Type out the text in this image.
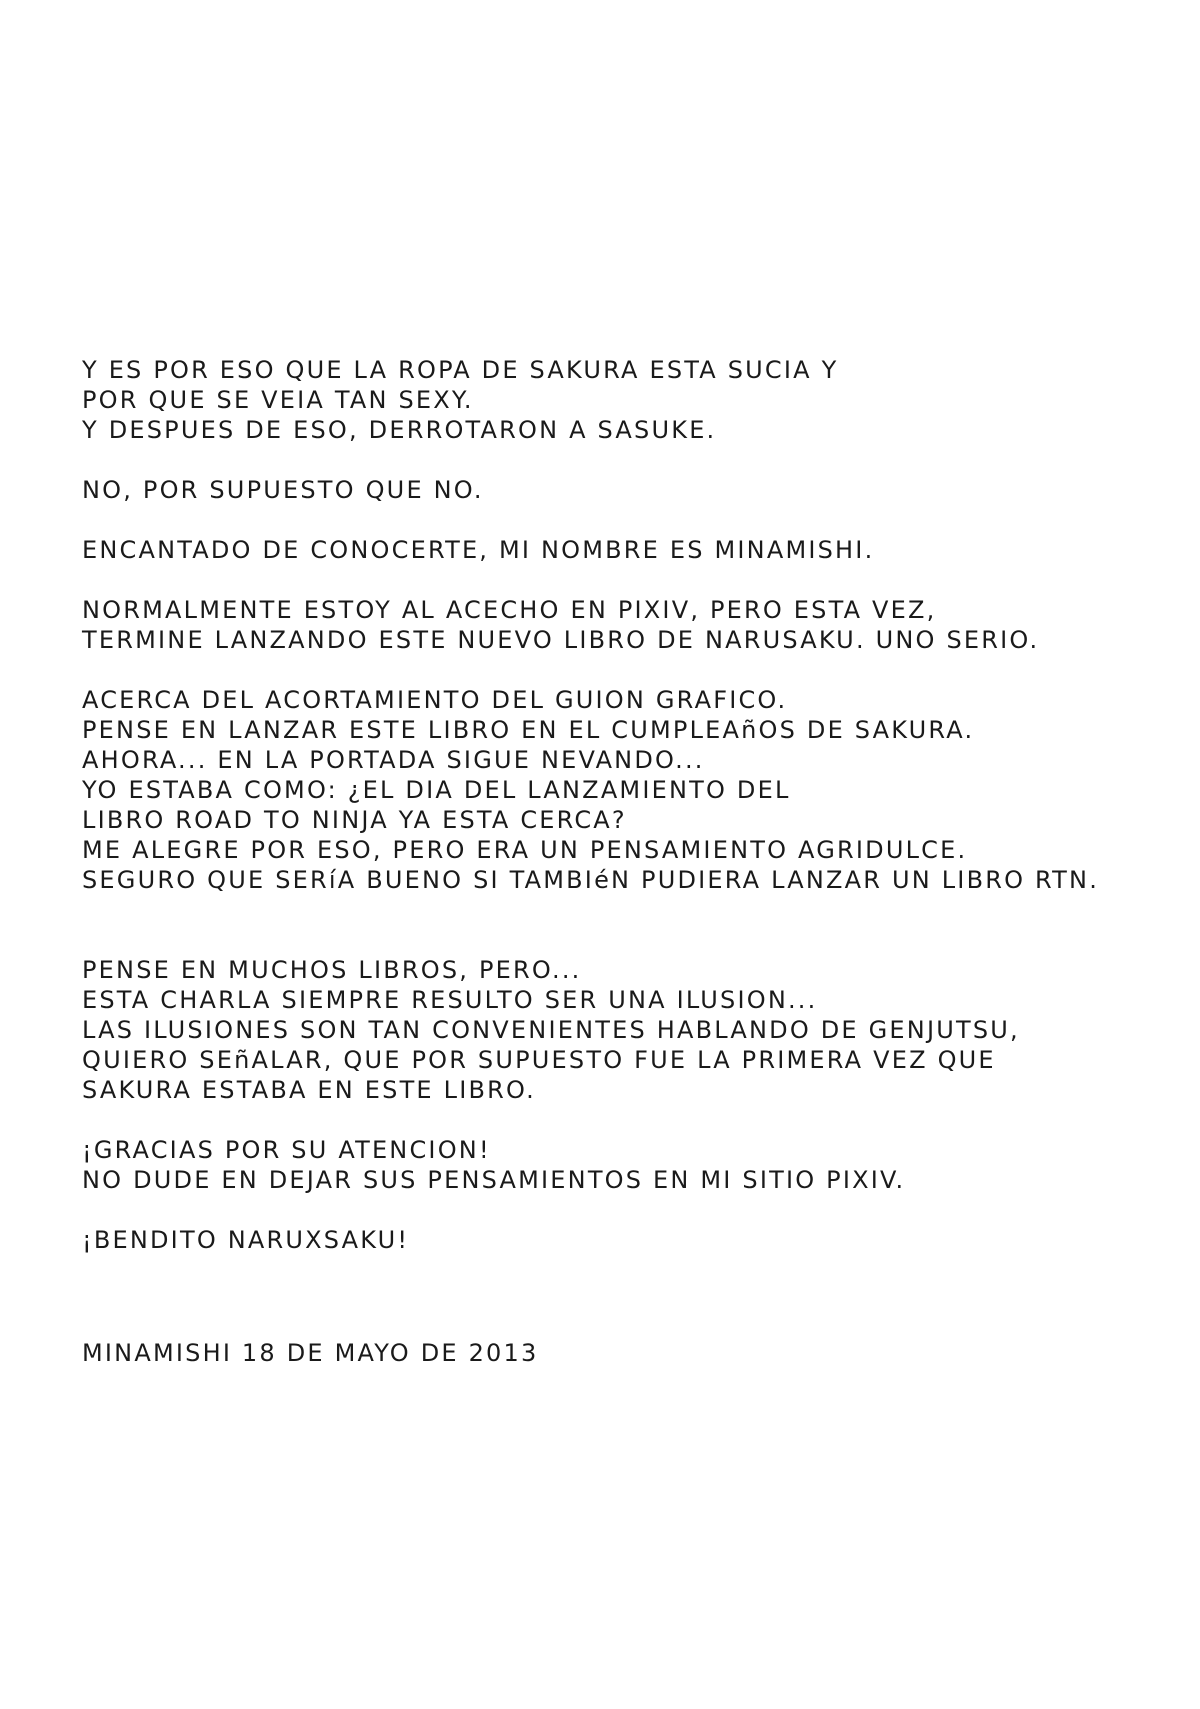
Y ES POR ESO QUE LA ROPA DE SAKURA ESTA SUCIA Y
POR QUE SE VEIA TAN SEXY.
Y DESPUES DE ESO, DERROTARON A SASUKE.
NO, POR SUPUESTO QUE NO.
ENCANTADO DE CONOCERTE, MI NOMBRE ES MINAMISHI.
NORMALMENTE ESTOY AL ACECHO EN PIXIV, PERO ESTA VEZ,
TERMINE LANZANDO ESTE NUEVO LIBRO DE NARUSAKU. UNO SERIO.
ACERCA DEL ACORTAMIENTO DEL GUION GRAFICO.
PENSE EN LANZAR ESTE LIBRO EN EL CUMPLEAñOS DE SAKURA.
AHORA... EN LA PORTADA SIGUE NEVANDO...
YO ESTABA COMO: ¿EL DIA DEL LANZAMIENTO DEL
LIBRO ROAD TO NINJA YA ESTA CERCA?
ME ALEGRE POR ESO, PERO ERA UN PENSAMIENTO AGRIDULCE.
SEGURO QUE SERíA BUENO SI TAMBIéN PUDIERA LANZAR UN LIBRO RTN.
PENSE EN MUCHOS LIBROS, PERO...
ESTA CHARLA SIEMPRE RESULTO SER UNA ILUSION...
LAS ILUSIONES SON TAN CONVENIENTES HABLANDO DE GENJUTSU,
QUIERO SEñALAR, QUE POR SUPUESTO FUE LA PRIMERA VEZ QUE
SAKURA ESTABA EN ESTE LIBRO.
¡GRACIAS POR SU ATENCION!
NO DUDE EN DEJAR SUS PENSAMIENTOS EN MI SITIO PIXIV.
¡BENDITO NARUXSAKU!
MINAMISHI 18 DE MAYO DE 2013
